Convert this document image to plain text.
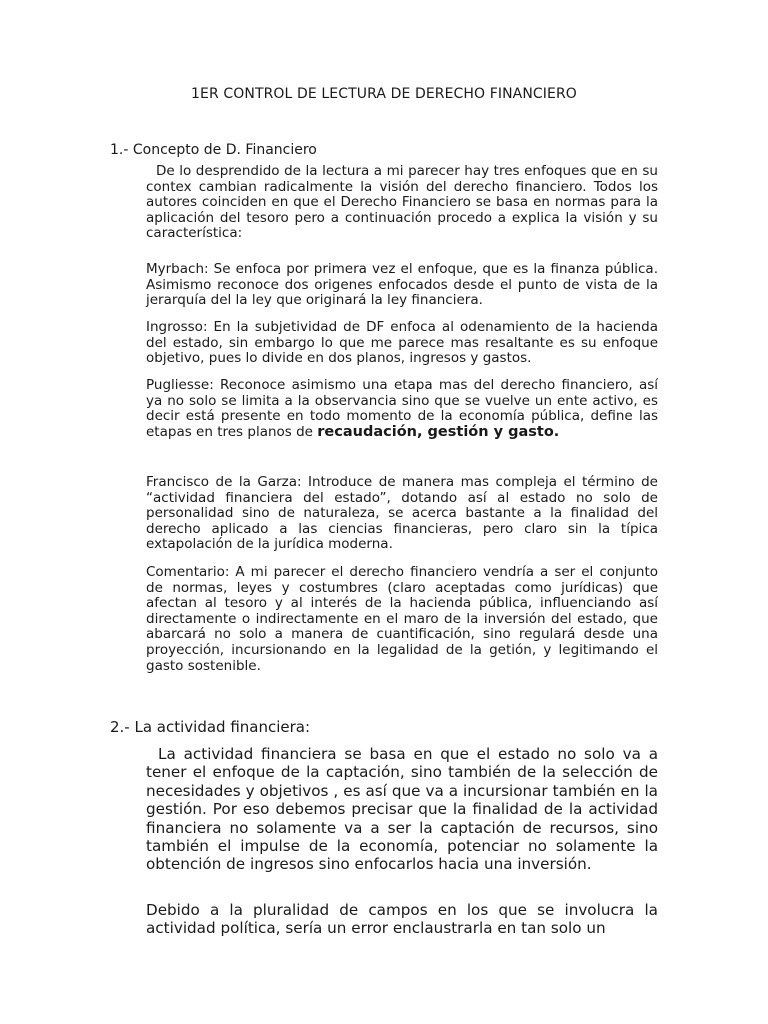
1ER CONTROL DE LECTURA DE DERECHO FINANCIERO
1.- Concepto de D. Financiero
De lo desprendido de la lectura a mi parecer hay tres enfoques que en su contex cambian radicalmente la visión del derecho financiero. Todos los autores coinciden en que el Derecho Financiero se basa en normas para la aplicación del tesoro pero a continuación procedo a explica la visión y su característica:
Myrbach: Se enfoca por primera vez el enfoque, que es la finanza pública. Asimismo reconoce dos origenes enfocados desde el punto de vista de la jerarquía del la ley que originará la ley financiera.
Ingrosso: En la subjetividad de DF enfoca al odenamiento de la hacienda del estado, sin embargo lo que me parece mas resaltante es su enfoque objetivo, pues lo divide en dos planos, ingresos y gastos.
Pugliesse: Reconoce asimismo una etapa mas del derecho financiero, así ya no solo se limita a la observancia sino que se vuelve un ente activo, es decir está presente en todo momento de la economía pública, define las etapas en tres planos de recaudación, gestión y gasto.
Francisco de la Garza: Introduce de manera mas compleja el término de “actividad financiera del estado”, dotando así al estado no solo de personalidad sino de naturaleza, se acerca bastante a la finalidad del derecho aplicado a las ciencias financieras, pero claro sin la típica extapolación de la jurídica moderna.
Comentario: A mi parecer el derecho financiero vendría a ser el conjunto de normas, leyes y costumbres (claro aceptadas como jurídicas) que afectan al tesoro y al interés de la hacienda pública, influenciando así directamente o indirectamente en el maro de la inversión del estado, que abarcará no solo a manera de cuantificación, sino regulará desde una proyección, incursionando en la legalidad de la getión, y legitimando el gasto sostenible.
2.- La actividad financiera:
La actividad financiera se basa en que el estado no solo va a tener el enfoque de la captación, sino también de la selección de necesidades y objetivos , es así que va a incursionar también en la gestión. Por eso debemos precisar que la finalidad de la actividad financiera no solamente va a ser la captación de recursos, sino también el impulse de la economía, potenciar no solamente la obtención de ingresos sino enfocarlos hacia una inversión.
Debido a la pluralidad de campos en los que se involucra la actividad política, sería un error enclaustrarla en tan solo un
